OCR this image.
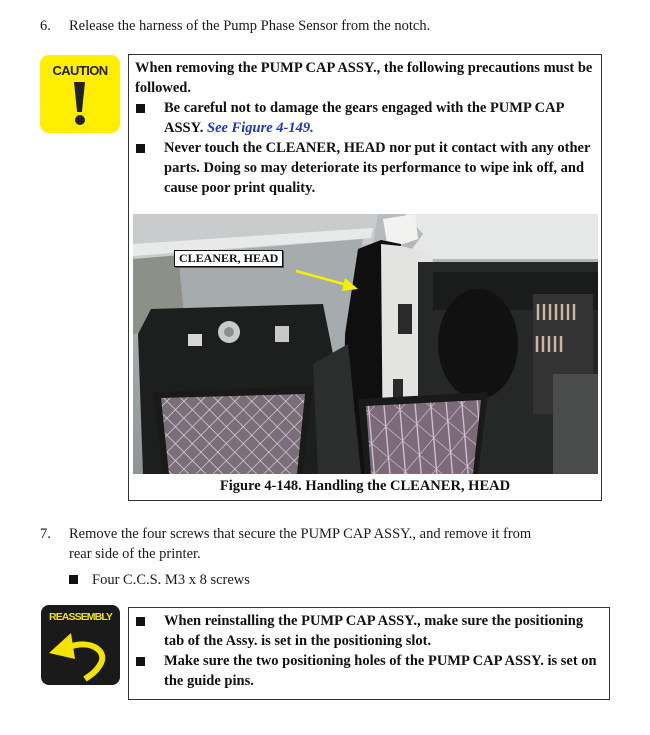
6. Release the harness of the Pump Phase Sensor from the notch.
CAUTION	When removing the PUMP CAP ASSY., the following precautions must be followed.
Be careful not to damage the gears engaged with the PUMP CAP ASSY. See Figure 4-149.
Never touch the CLEANER, HEAD nor put it contact with any other parts. Doing so may deteriorate its performance to wipe ink off, and cause poor print quality.
CLEANER, HEAD
Figure 4-148. Handling the CLEANER, HEAD
7. Remove the four screws that secure the PUMP CAP ASSY., and remove it from
rear side of the printer.
Four C.C.S. M3 x 8 screws
REASSEMBLY	When reinstalling the PUMP CAP ASSY., make sure the positioning tab of the Assy. is set in the positioning slot.
Make sure the two positioning holes of the PUMP CAP ASSY. is set on the guide pins.
